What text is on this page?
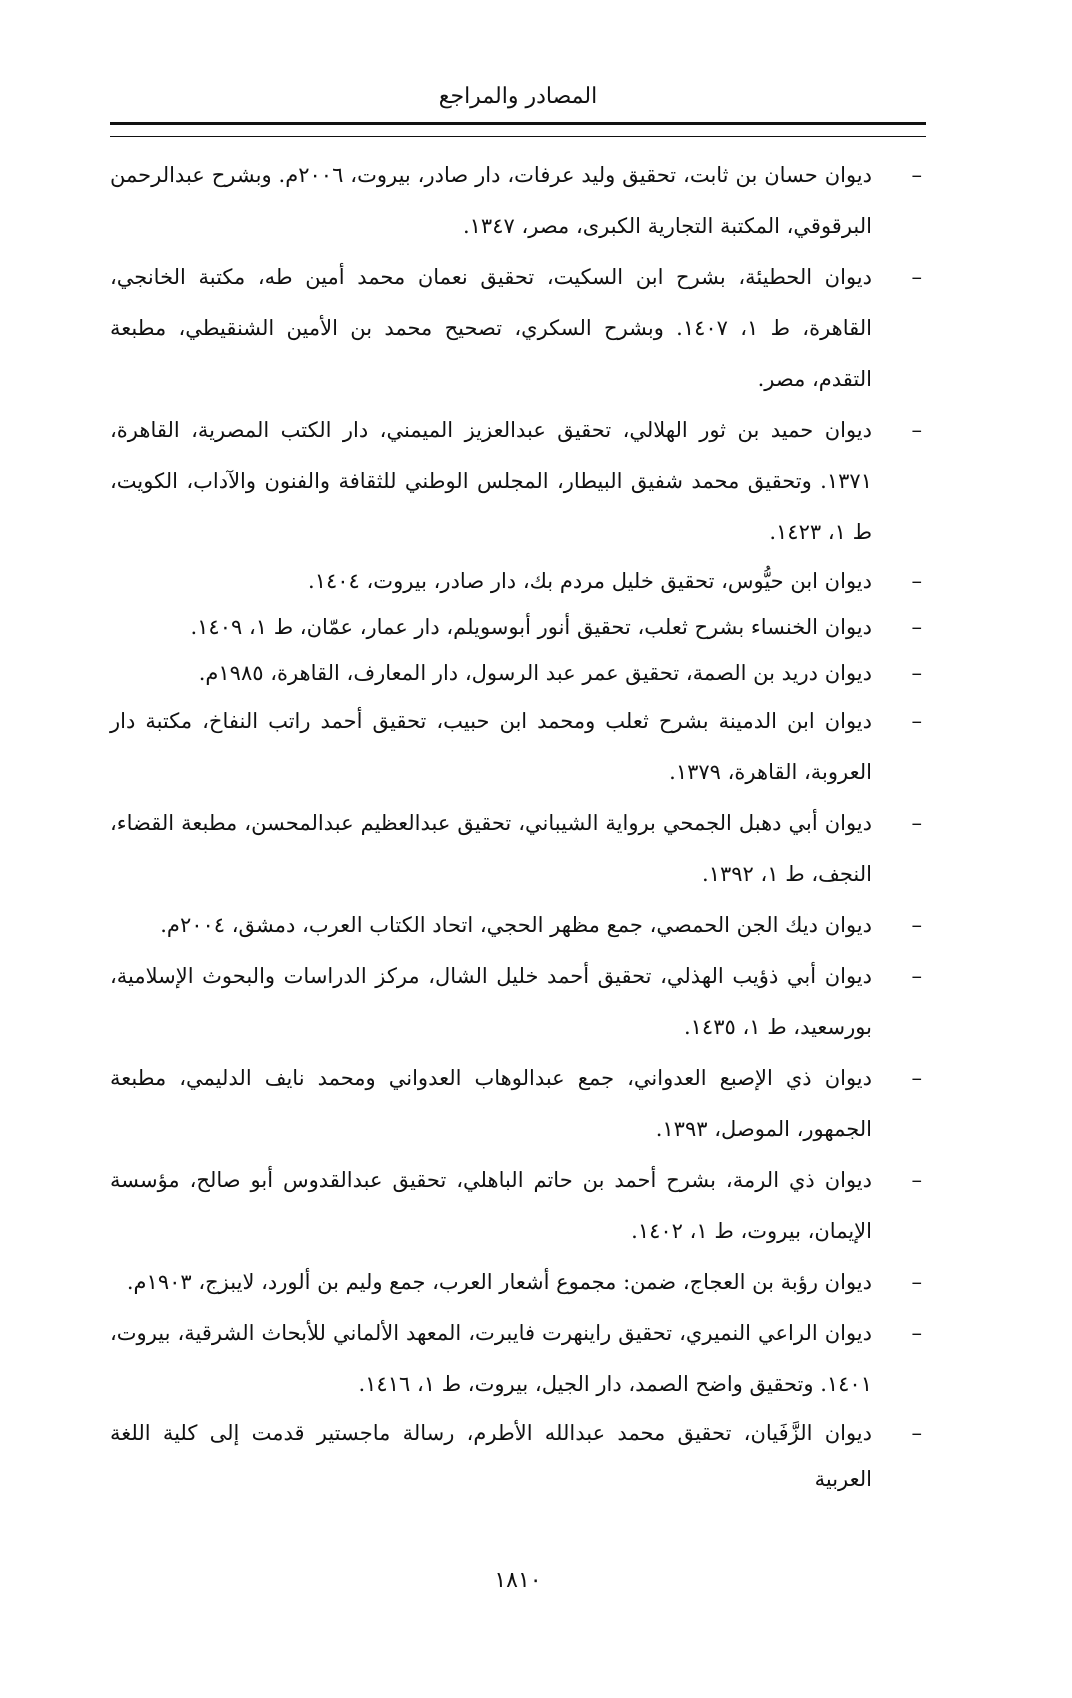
المصادر والمراجع
–
ديوان حسان بن ثابت، تحقيق وليد عرفات، دار صادر، بيروت، ٢٠٠٦م. وبشرح عبدالرحمن البرقوقي، المكتبة التجارية الكبرى، مصر، ١٣٤٧.
–
ديوان الحطيئة، بشرح ابن السكيت، تحقيق نعمان محمد أمين طه، مكتبة الخانجي، القاهرة، ط ١، ١٤٠٧. وبشرح السكري، تصحيح محمد بن الأمين الشنقيطي، مطبعة التقدم، مصر.
–
ديوان حميد بن ثور الهلالي، تحقيق عبدالعزيز الميمني، دار الكتب المصرية، القاهرة، ١٣٧١. وتحقيق محمد شفيق البيطار، المجلس الوطني للثقافة والفنون والآداب، الكويت، ط ١، ١٤٢٣.
–
ديوان ابن حيُّوس، تحقيق خليل مردم بك، دار صادر، بيروت، ١٤٠٤.
–
ديوان الخنساء بشرح ثعلب، تحقيق أنور أبوسويلم، دار عمار، عمّان، ط ١، ١٤٠٩.
–
ديوان دريد بن الصمة، تحقيق عمر عبد الرسول، دار المعارف، القاهرة، ١٩٨٥م.
–
ديوان ابن الدمينة بشرح ثعلب ومحمد ابن حبيب، تحقيق أحمد راتب النفاخ، مكتبة دار العروبة، القاهرة، ١٣٧٩.
–
ديوان أبي دهبل الجمحي برواية الشيباني، تحقيق عبدالعظيم عبدالمحسن، مطبعة القضاء، النجف، ط ١، ١٣٩٢.
–
ديوان ديك الجن الحمصي، جمع مظهر الحجي، اتحاد الكتاب العرب، دمشق، ٢٠٠٤م.
–
ديوان أبي ذؤيب الهذلي، تحقيق أحمد خليل الشال، مركز الدراسات والبحوث الإسلامية، بورسعيد، ط ١، ١٤٣٥.
–
ديوان ذي الإصبع العدواني، جمع عبدالوهاب العدواني ومحمد نايف الدليمي، مطبعة الجمهور، الموصل، ١٣٩٣.
–
ديوان ذي الرمة، بشرح أحمد بن حاتم الباهلي، تحقيق عبدالقدوس أبو صالح، مؤسسة الإيمان، بيروت، ط ١، ١٤٠٢.
–
ديوان رؤبة بن العجاج، ضمن: مجموع أشعار العرب، جمع وليم بن ألورد، لايبزج، ١٩٠٣م.
–
ديوان الراعي النميري، تحقيق راينهرت فايبرت، المعهد الألماني للأبحاث الشرقية، بيروت، ١٤٠١. وتحقيق واضح الصمد، دار الجيل، بيروت، ط ١، ١٤١٦.
–
ديوان الزَّفَيان، تحقيق محمد عبدالله الأطرم، رسالة ماجستير قدمت إلى كلية اللغة العربية
١٨١٠
